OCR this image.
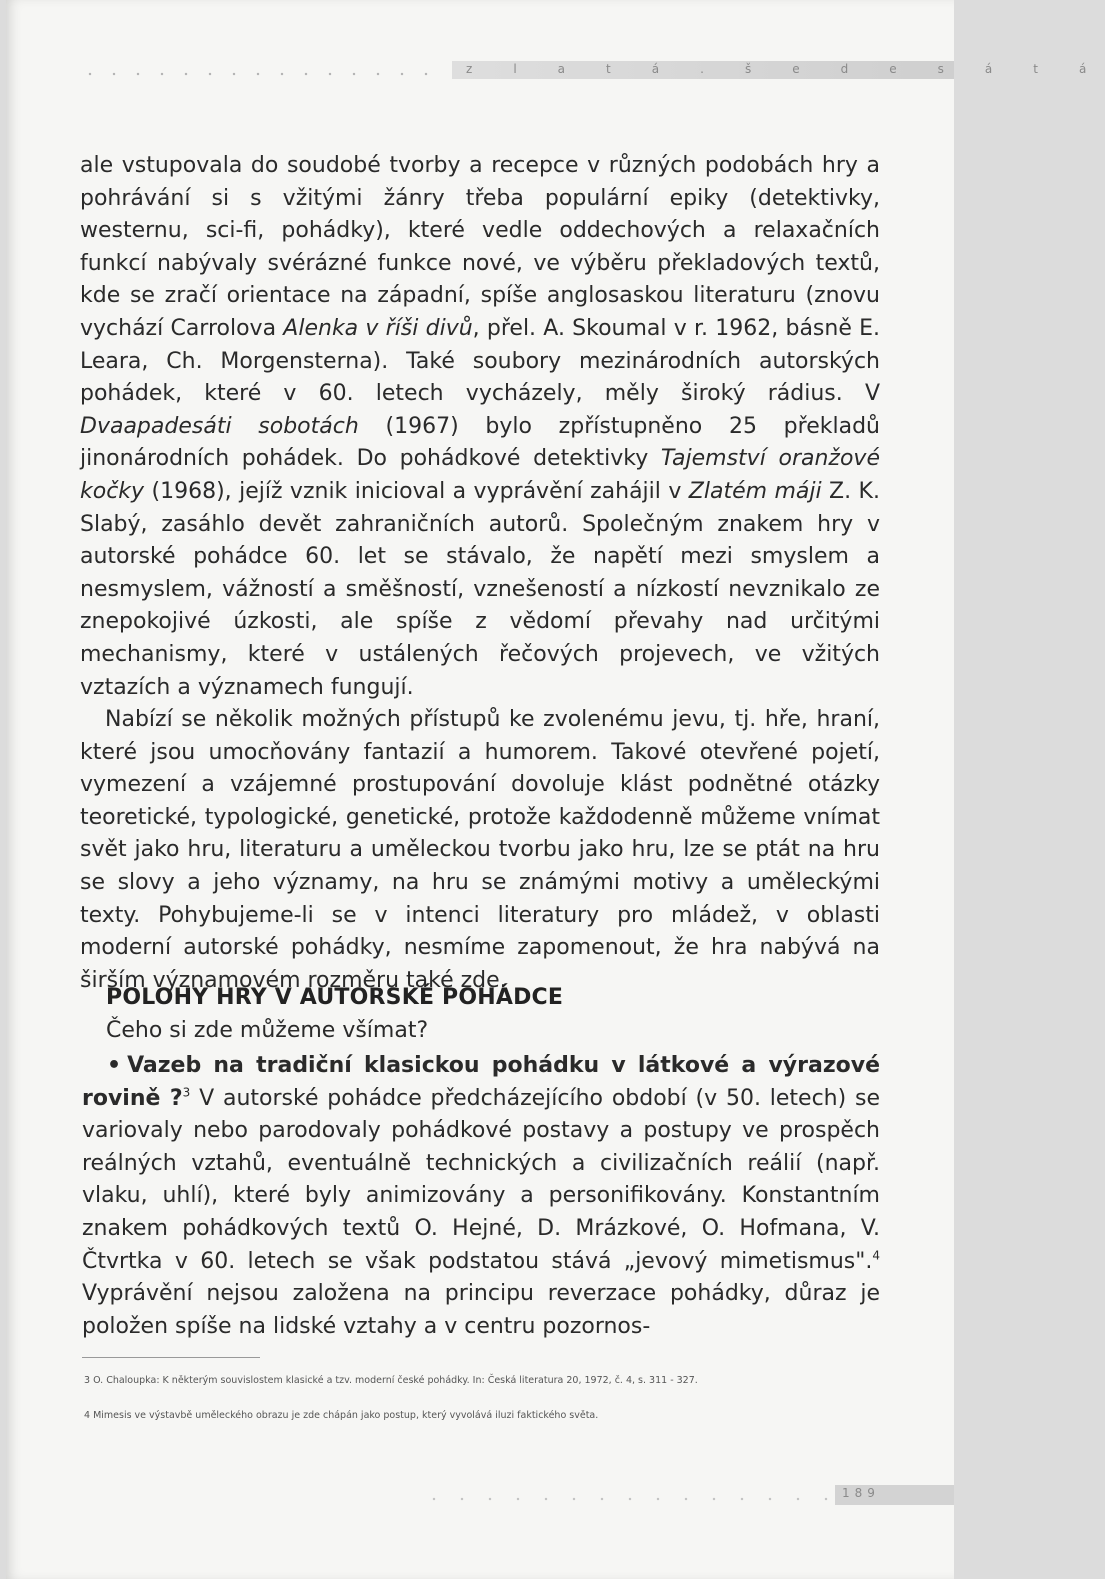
z l a t á . š e d e s á t á

ale vstupovala do soudobé tvorby a recepce v různých podobách hry a pohrávání si s vžitými žánry třeba populární epiky (detektivky, westernu, sci-fi, pohádky), které vedle oddechových a relaxačních funkcí nabývaly svérázné funkce nové, ve výběru překladových textů, kde se zračí orientace na západní, spíše anglosaskou literaturu (znovu vychází Carrolova Alenka v říši divů, přel. A. Skoumal v r. 1962, básně E. Leara, Ch. Morgensterna). Také soubory mezinárodních autorských pohádek, které v 60. letech vycházely, měly široký rádius. V Dvaapadesáti sobotách (1967) bylo zpřístupněno 25 překladů jinonárodních pohádek. Do pohádkové detektivky Tajemství oranžové kočky (1968), jejíž vznik inicioval a vyprávění zahájil v Zlatém máji Z. K. Slabý, zasáhlo devět zahraničních autorů. Společným znakem hry v autorské pohádce 60. let se stávalo, že napětí mezi smyslem a nesmyslem, vážností a směšností, vznešeností a nízkostí nevznikalo ze znepokojivé úzkosti, ale spíše z vědomí převahy nad určitými mechanismy, které v ustálených řečových projevech, ve vžitých vztazích a významech fungují.

Nabízí se několik možných přístupů ke zvolenému jevu, tj. hře, hraní, které jsou umocňovány fantazií a humorem. Takové otevřené pojetí, vymezení a vzájemné prostupování dovoluje klást podnětné otázky teoretické, typologické, genetické, protože každodenně můžeme vnímat svět jako hru, literaturu a uměleckou tvorbu jako hru, lze se ptát na hru se slovy a jeho významy, na hru se známými motivy a uměleckými texty. Pohybujeme-li se v intenci literatury pro mládež, v oblasti moderní autorské pohádky, nesmíme zapomenout, že hra nabývá na širším významovém rozměru také zde.

POLOHY HRY V AUTORSKÉ POHÁDCE
Čeho si zde můžeme všímat?

• Vazeb na tradiční klasickou pohádku v látkové a výrazové rovině ?$^3$ V autorské pohádce předcházejícího období (v 50. letech) se variovaly nebo parodovaly pohádkové postavy a postupy ve prospěch reálných vztahů, eventuálně technických a civilizačních reálií (např. vlaku, uhlí), které byly animizovány a personifikovány. Konstantním znakem pohádkových textů O. Hejné, D. Mrázkové, O. Hofmana, V. Čtvrtka v 60. letech se však podstatou stává „jevový mimetismus".$^4$ Vyprávění nejsou založena na principu reverzace pohádky, důraz je položen spíše na lidské vztahy a v centru pozornos-

3 O. Chaloupka: K některým souvislostem klasické a tzv. moderní české pohádky. In: Česká literatura 20, 1972, č. 4, s. 311 - 327.
4 Mimesis ve výstavbě uměleckého obrazu je zde chápán jako postup, který vyvolává iluzi faktického světa.
189
